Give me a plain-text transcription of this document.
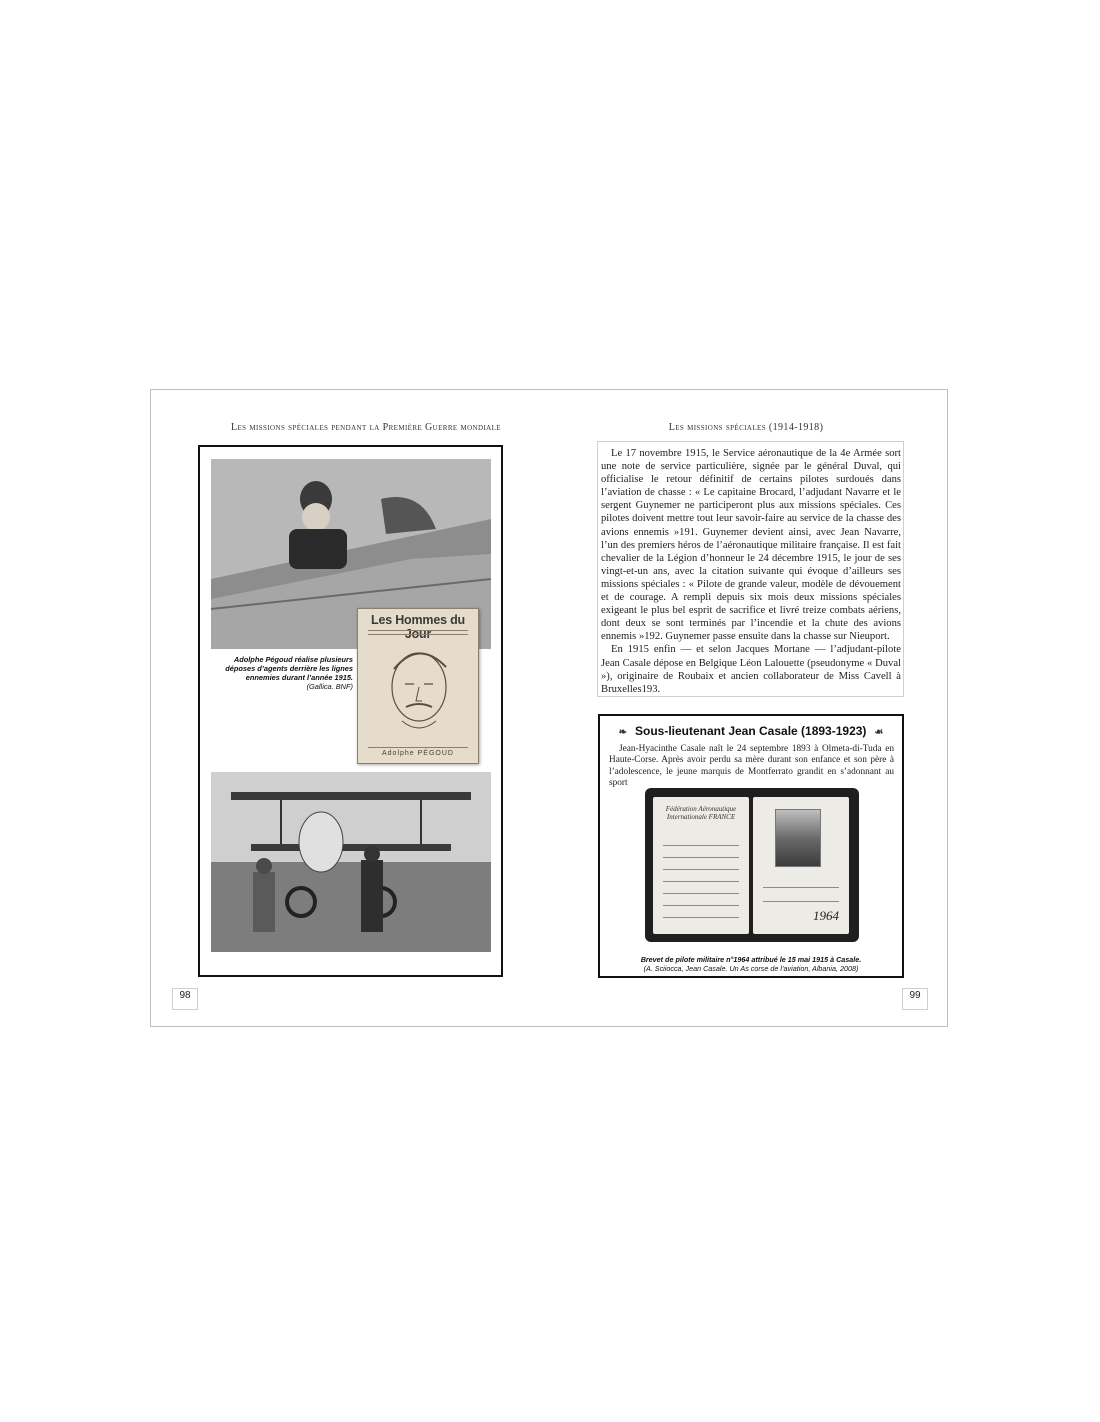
Les missions spéciales pendant la Première Guerre mondiale	Les missions spéciales (1914-1918)
Les Hommes du Jour
Adolphe PÉGOUD
Adolphe Pégoud réalise plusieurs déposes d’agents derrière les lignes ennemies durant l’année 1915.
(Gallica. BNF)
98

Le 17 novembre 1915, le Service aéronautique de la 4e Armée sort une note de service particulière, signée par le général Duval, qui officialise le retour définitif de certains pilotes surdoués dans l’aviation de chasse : « Le capitaine Brocard, l’adjudant Navarre et le sergent Guynemer ne participeront plus aux missions spéciales. Ces pilotes doivent mettre tout leur savoir-faire au service de la chasse des avions ennemis »191. Guynemer devient ainsi, avec Jean Navarre, l’un des premiers héros de l’aéronautique militaire française. Il est fait chevalier de la Légion d’honneur le 24 décembre 1915, le jour de ses vingt-et-un ans, avec la citation suivante qui évoque d’ailleurs ses missions spéciales : « Pilote de grande valeur, modèle de dévouement et de courage. A rempli depuis six mois deux missions spéciales exigeant le plus bel esprit de sacrifice et livré treize combats aériens, dont deux se sont terminés par l’incendie et la chute des avions ennemis »192. Guynemer passe ensuite dans la chasse sur Nieuport.

En 1915 enfin — et selon Jacques Mortane — l’adjudant-pilote Jean Casale dépose en Belgique Léon Lalouette (pseudonyme « Duval »), originaire de Roubaix et ancien collaborateur de Miss Cavell à Bruxelles193.

❧ Sous-lieutenant Jean Casale (1893-1923) ☙

Jean-Hyacinthe Casale naît le 24 septembre 1893 à Olmeta-di-Tuda en Haute-Corse. Après avoir perdu sa mère durant son enfance et son père à l’adolescence, le jeune marquis de Montferrato grandit en s’adonnant au sport

Fédération Aéronautique Internationale FRANCE
1964
Brevet de pilote militaire n°1964 attribué le 15 mai 1915 à Casale.
(A. Sciiocca, Jean Casale. Un As corse de l’aviation, Albania, 2008)
99
